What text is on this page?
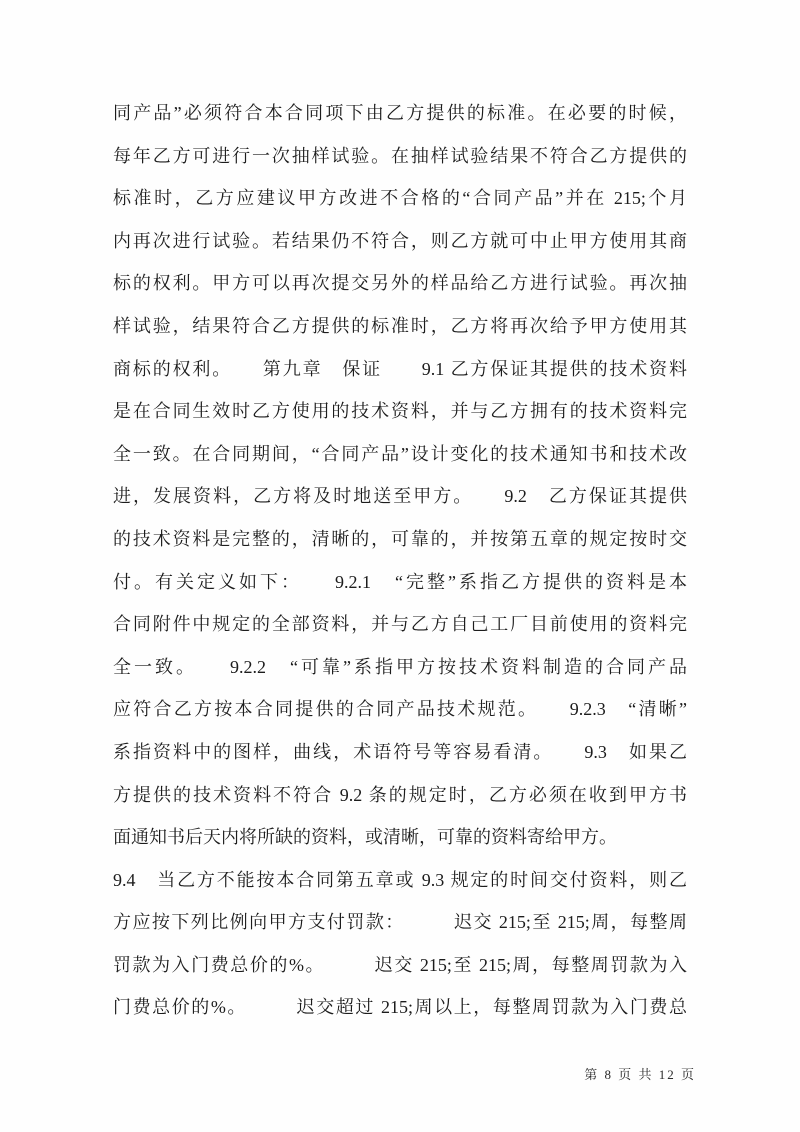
同产品”必须符合本合同项下由乙方提供的标准。在必要的时候，
每年乙方可进行一次抽样试验。在抽样试验结果不符合乙方提供的
标准时，乙方应建议甲方改进不合格的“合同产品”并在 215;个月
内再次进行试验。若结果仍不符合，则乙方就可中止甲方使用其商
标的权利。甲方可以再次提交另外的样品给乙方进行试验。再次抽
样试验，结果符合乙方提供的标准时，乙方将再次给予甲方使用其
商标的权利。　　第九章　保证　　9.1 乙方保证其提供的技术资料
是在合同生效时乙方使用的技术资料，并与乙方拥有的技术资料完
全一致。在合同期间，“合同产品”设计变化的技术通知书和技术改
进，发展资料，乙方将及时地送至甲方。　　9.2　乙方保证其提供
的技术资料是完整的，清晰的，可靠的，并按第五章的规定按时交
付。有关定义如下：　　9.2.1　“完整”系指乙方提供的资料是本
合同附件中规定的全部资料，并与乙方自己工厂目前使用的资料完
全一致。　　9.2.2　“可靠”系指甲方按技术资料制造的合同产品
应符合乙方按本合同提供的合同产品技术规范。　　9.2.3　“清晰”
系指资料中的图样，曲线，术语符号等容易看清。　　9.3　如果乙
方提供的技术资料不符合 9.2 条的规定时，乙方必须在收到甲方书
面通知书后天内将所缺的资料，或清晰，可靠的资料寄给甲方。
9.4　当乙方不能按本合同第五章或 9.3 规定的时间交付资料，则乙
方应按下列比例向甲方支付罚款：　　　迟交 215;至 215;周，每整周
罚款为入门费总价的%。　　　迟交 215;至 215;周，每整周罚款为入
门费总价的%。　　　迟交超过 215;周以上，每整周罚款为入门费总

第 8 页 共 12 页
